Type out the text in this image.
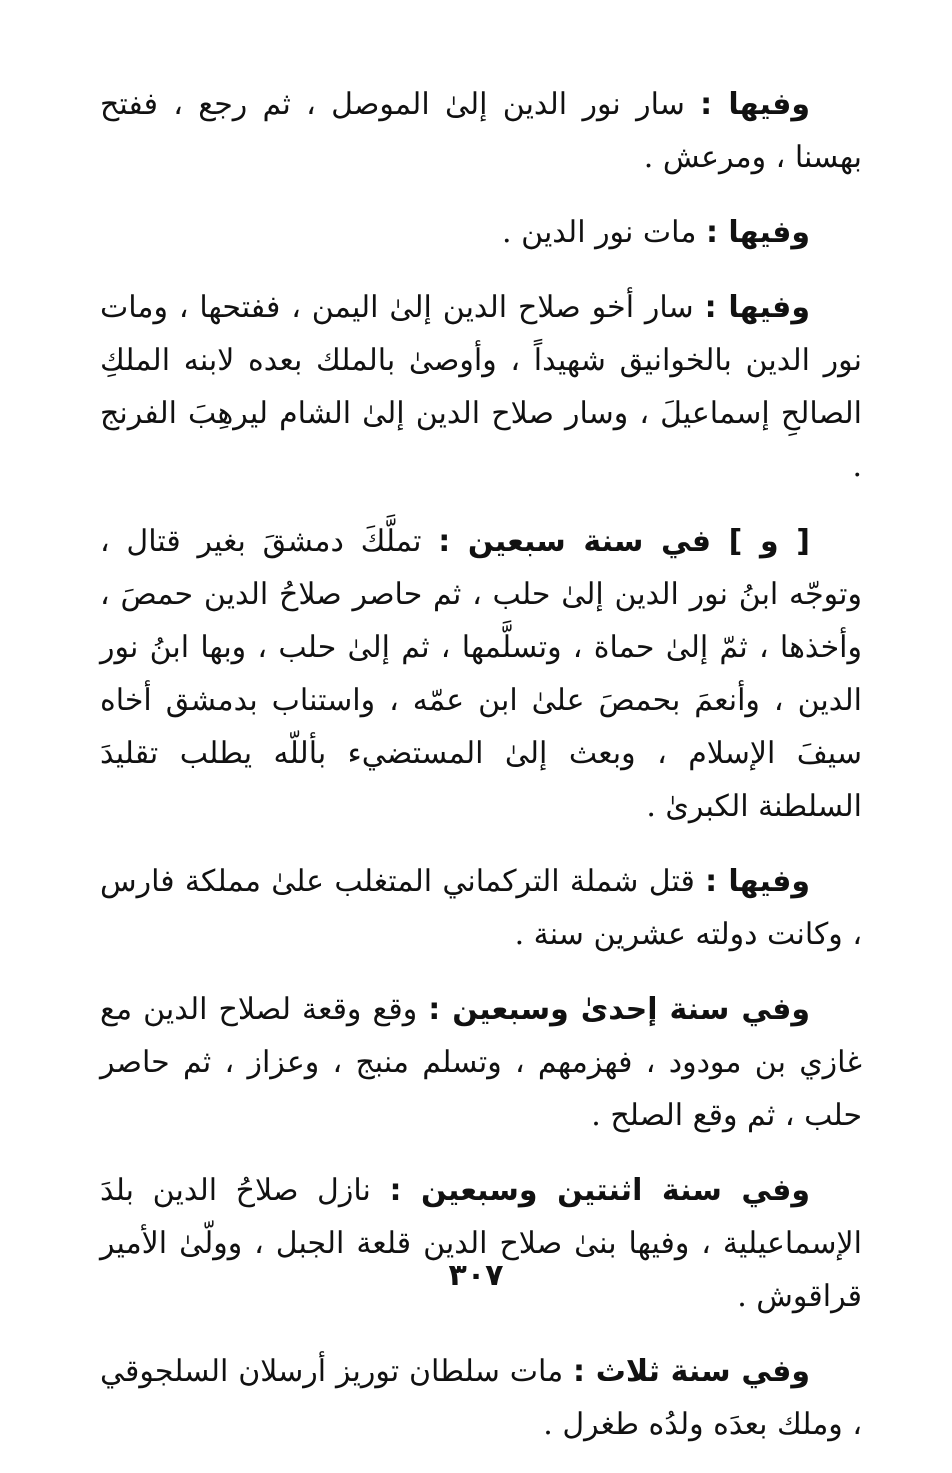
وفيها : سار نور الدين إلىٰ الموصل ، ثم رجع ، ففتح بهسنا ، ومرعش .

وفيها : مات نور الدين .

وفيها : سار أخو صلاح الدين إلىٰ اليمن ، ففتحها ، ومات نور الدين بالخوانيق شهيداً ، وأوصىٰ بالملك بعده لابنه الملكِ الصالحِ إسماعيلَ ، وسار صلاح الدين إلىٰ الشام ليرهِبَ الفرنج .

[ و ] في سنة سبعين : تملَّكَ دمشقَ بغير قتال ، وتوجّه ابنُ نور الدين إلىٰ حلب ، ثم حاصر صلاحُ الدين حمصَ ، وأخذها ، ثمّ إلىٰ حماة ، وتسلَّمها ، ثم إلىٰ حلب ، وبها ابنُ نور الدين ، وأنعمَ بحمصَ علىٰ ابن عمّه ، واستناب بدمشق أخاه سيفَ الإسلام ، وبعث إلىٰ المستضيء بأللّه يطلب تقليدَ السلطنة الكبرىٰ .

وفيها : قتل شملة التركماني المتغلب علىٰ مملكة فارس ، وكانت دولته عشرين سنة .

وفي سنة إحدىٰ وسبعين : وقع وقعة لصلاح الدين مع غازي بن مودود ، فهزمهم ، وتسلم منبج ، وعزاز ، ثم حاصر حلب ، ثم وقع الصلح .

وفي سنة اثنتين وسبعين : نازل صلاحُ الدين بلدَ الإسماعيلية ، وفيها بنىٰ صلاح الدين قلعة الجبل ، وولّىٰ الأمير قراقوش .

وفي سنة ثلاث : مات سلطان توريز أرسلان السلجوقي ، وملك بعدَه ولدُه طغرل .

٣٠٧
